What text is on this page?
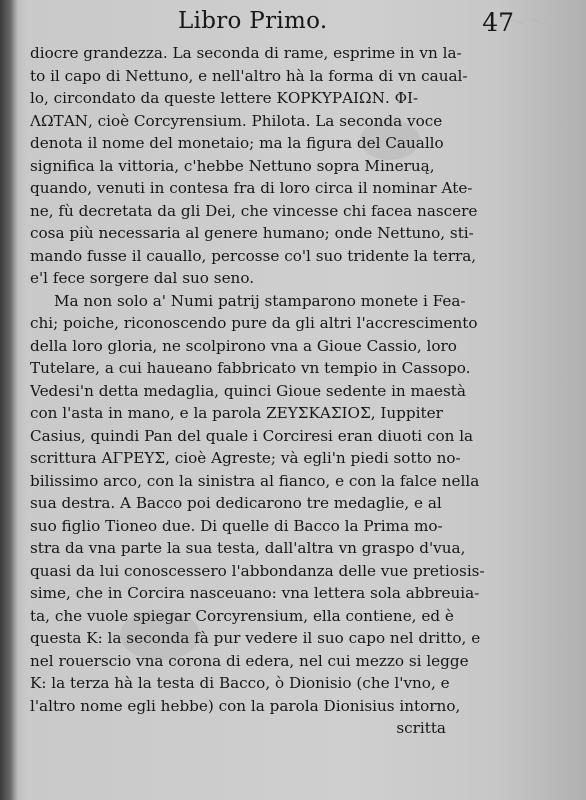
〜〜
Libro Primo.	47
diocre grandezza. La seconda di rame, esprime in vn la-
to il capo di Nettuno, e nell'altro hà la forma di vn caual-
lo, circondato da queste lettere ΚΟΡΚΥΡΑΙΩΝ. ΦΙ-
ΛΩΤΑΝ, cioè Corcyrensium. Philota. La seconda voce
denota il nome del monetaio; ma la figura del Cauallo
significa la vittoria, c'hebbe Nettuno sopra Mineruą,
quando, venuti in contesa fra di loro circa il nominar Ate-
ne, fù decretata da gli Dei, che vincesse chi facea nascere
cosa più necessaria al genere humano; onde Nettuno, sti-
mando fusse il cauallo, percosse co'l suo tridente la terra,
e'l fece sorgere dal suo seno.
Ma non solo a' Numi patrij stamparono monete i Fea-
chi; poiche, riconoscendo pure da gli altri l'accrescimento
della loro gloria, ne scolpirono vna a Gioue Cassio, loro
Tutelare, a cui haueano fabbricato vn tempio in Cassopo.
Vedesi'n detta medaglia, quinci Gioue sedente in maestà
con l'asta in mano, e la parola ΖΕΥΣΚΑΣΙΟΣ, Iuppiter
Casius, quindi Pan del quale i Corciresi eran diuoti con la
scrittura ΑΓΡΕΥΣ, cioè Agreste; và egli'n piedi sotto no-
bilissimo arco, con la sinistra al fianco, e con la falce nella
sua destra. A Bacco poi dedicarono tre medaglie, e al
suo figlio Tioneo due. Di quelle di Bacco la Prima mo-
stra da vna parte la sua testa, dall'altra vn graspo d'vua,
quasi da lui conoscessero l'abbondanza delle vue pretiosis-
sime, che in Corcira nasceuano: vna lettera sola abbreuia-
ta, che vuole spiegar Corcyrensium, ella contiene, ed è
questa K: la seconda fà pur vedere il suo capo nel dritto, e
nel rouerscio vna corona di edera, nel cui mezzo si legge
K: la terza hà la testa di Bacco, ò Dionisio (che l'vno, e
l'altro nome egli hebbe) con la parola Dionisius intorno,
scritta
